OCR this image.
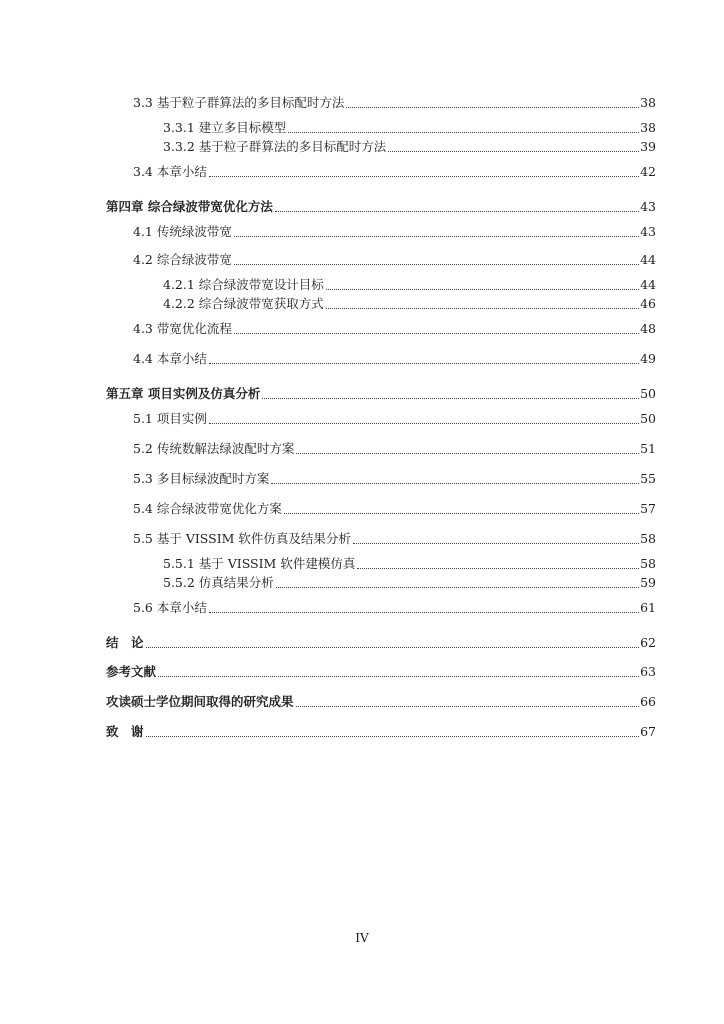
3.3 基于粒子群算法的多目标配时方法	38
3.3.1 建立多目标模型	38
3.3.2 基于粒子群算法的多目标配时方法	39
3.4 本章小结	42
第四章 综合绿波带宽优化方法	43
4.1 传统绿波带宽	43
4.2 综合绿波带宽	44
4.2.1 综合绿波带宽设计目标	44
4.2.2 综合绿波带宽获取方式	46
4.3 带宽优化流程	48
4.4 本章小结	49
第五章 项目实例及仿真分析	50
5.1 项目实例	50
5.2 传统数解法绿波配时方案	51
5.3 多目标绿波配时方案	55
5.4 综合绿波带宽优化方案	57
5.5 基于 VISSIM 软件仿真及结果分析	58
5.5.1 基于 VISSIM 软件建模仿真	58
5.5.2 仿真结果分析	59
5.6 本章小结	61
结　论	62
参考文献	63
攻读硕士学位期间取得的研究成果	66
致　谢	67
IV
